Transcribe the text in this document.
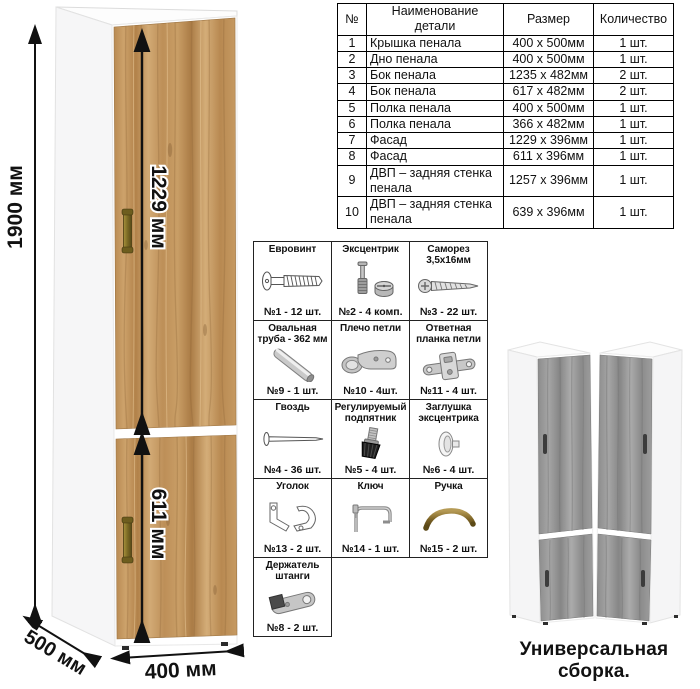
1900 мм	1229 мм
611 мм
500 мм	400 мм
№	Наименование детали	Размер	Количество
1	Крышка пенала	400 х 500мм	1 шт.
2	Дно пенала	400 х 500мм	1 шт.
3	Бок пенала	1235 х 482мм	2 шт.
4	Бок пенала	617 х 482мм	2 шт.
5	Полка пенала	400 х 500мм	1 шт.
6	Полка пенала	366 х 482мм	1 шт.
7	Фасад	1229 х 396мм	1 шт.
8	Фасад	611 х 396мм	1 шт.
9	ДВП – задняя стенка пенала	1257 х 396мм	1 шт.
10	ДВП – задняя стенка пенала	639 х 396мм	1 шт.
Евровинт
№1 - 12 шт.
Эксцентрик
№2 - 4 комп.
Саморез 3,5х16мм
№3 - 22 шт.
Овальная труба - 362 мм
№9 - 1 шт.
Плечо петли
№10 - 4шт.
Ответная планка петли
№11 - 4 шт.
Гвоздь
№4 - 36 шт.
Регулируемый подпятник
№5 - 4 шт.
Заглушка эксцентрика
№6 - 4 шт.
Уголок
№13 - 2 шт.
Ключ
№14 - 1 шт.
Ручка
№15 - 2 шт.
Держатель штанги
№8 - 2 шт.
Универсальная сборка.
